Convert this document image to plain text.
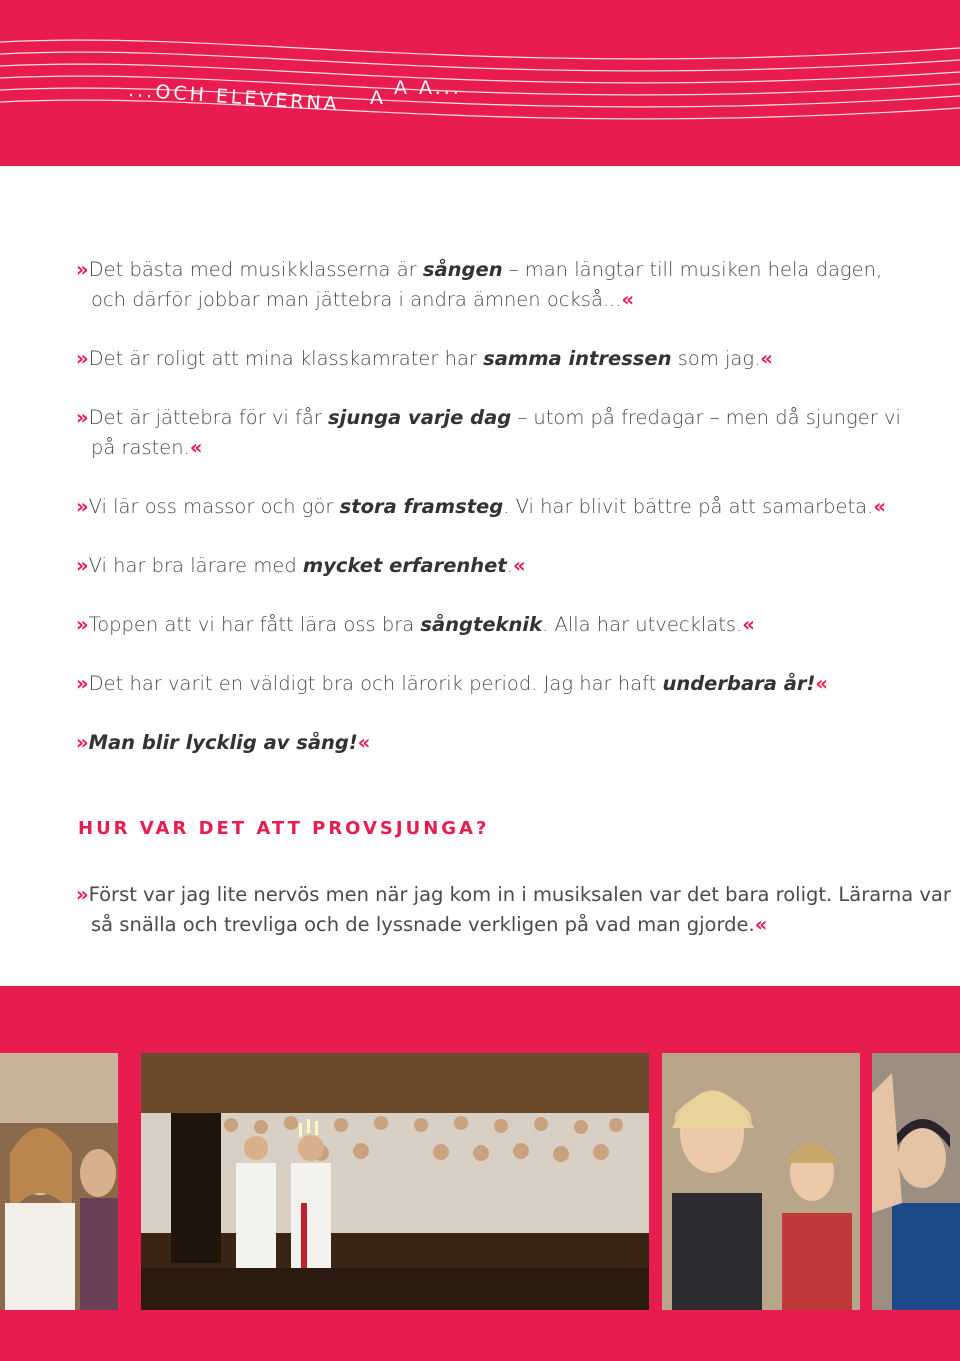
...OCH ELEVERNA A A A...

»Det bästa med musikklasserna är sången – man längtar till musiken hela dagen, och därför jobbar man jättebra i andra ämnen också...«

»Det är roligt att mina klasskamrater har samma intressen som jag.«

»Det är jättebra för vi får sjunga varje dag – utom på fredagar – men då sjunger vi på rasten.«

»Vi lär oss massor och gör stora framsteg. Vi har blivit bättre på att samarbeta.«

»Vi har bra lärare med mycket erfarenhet.«

»Toppen att vi har fått lära oss bra sångteknik. Alla har utvecklats.«

»Det har varit en väldigt bra och lärorik period. Jag har haft underbara år!«

»Man blir lycklig av sång!«

HUR VAR DET ATT PROVSJUNGA?

»Först var jag lite nervös men när jag kom in i musiksalen var det bara roligt. Lärarna var så snälla och trevliga och de lyssnade verkligen på vad man gjorde.«
